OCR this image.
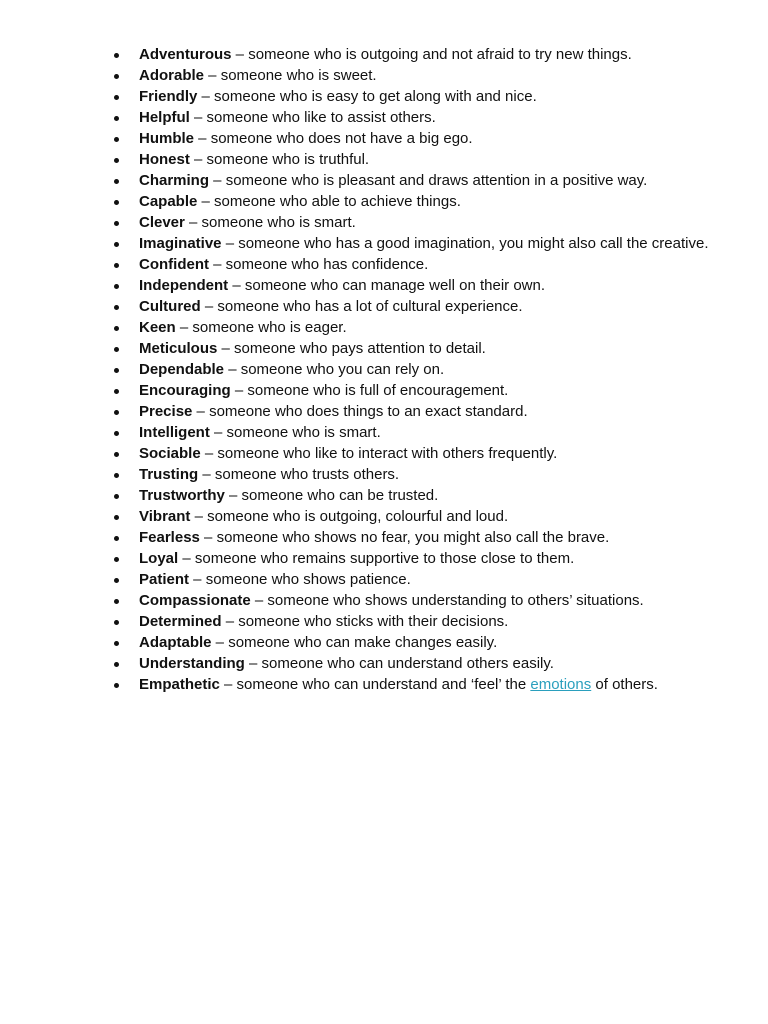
Adventurous – someone who is outgoing and not afraid to try new things.
Adorable – someone who is sweet.
Friendly – someone who is easy to get along with and nice.
Helpful – someone who like to assist others.
Humble – someone who does not have a big ego.
Honest – someone who is truthful.
Charming – someone who is pleasant and draws attention in a positive way.
Capable – someone who able to achieve things.
Clever – someone who is smart.
Imaginative – someone who has a good imagination, you might also call the creative.
Confident – someone who has confidence.
Independent – someone who can manage well on their own.
Cultured – someone who has a lot of cultural experience.
Keen – someone who is eager.
Meticulous – someone who pays attention to detail.
Dependable – someone who you can rely on.
Encouraging – someone who is full of encouragement.
Precise – someone who does things to an exact standard.
Intelligent – someone who is smart.
Sociable – someone who like to interact with others frequently.
Trusting – someone who trusts others.
Trustworthy – someone who can be trusted.
Vibrant – someone who is outgoing, colourful and loud.
Fearless – someone who shows no fear, you might also call the brave.
Loyal – someone who remains supportive to those close to them.
Patient – someone who shows patience.
Compassionate – someone who shows understanding to others’ situations.
Determined – someone who sticks with their decisions.
Adaptable – someone who can make changes easily.
Understanding – someone who can understand others easily.
Empathetic – someone who can understand and ‘feel’ the emotions of others.
